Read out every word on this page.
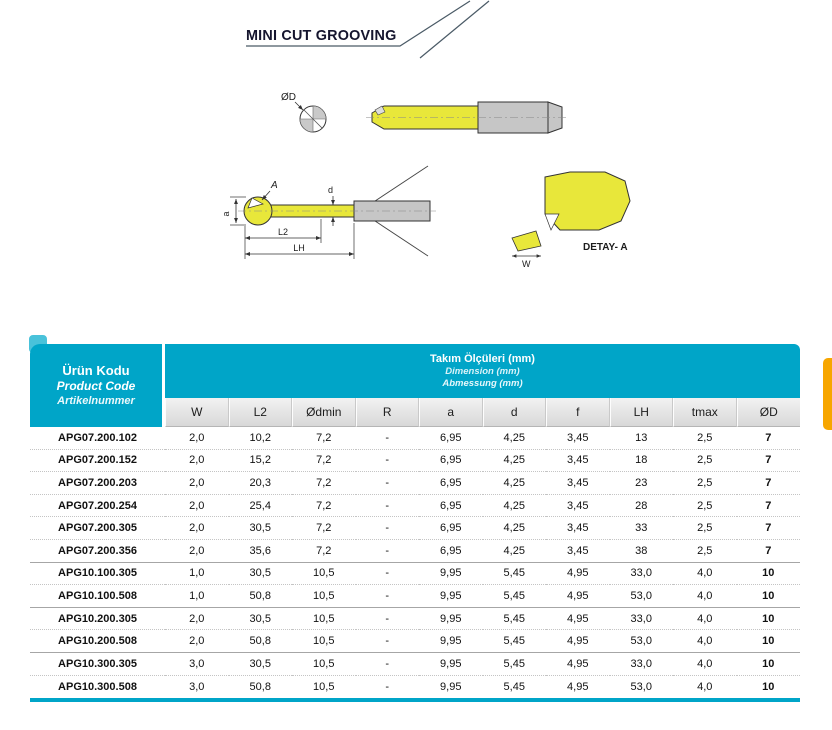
MINI CUT GROOVING
ØD
A	d
a
L2
LH
W
DETAY- A
Ürün Kodu
Product Code
Artikelnummer

Takım Ölçüleri (mm)
Dimension (mm)
Abmessung (mm)

	W	L2	Ødmin	R	a	d	f	LH	tmax	ØD
APG07.200.102	2,0	10,2	7,2	-	6,95	4,25	3,45	13	2,5	7
APG07.200.152	2,0	15,2	7,2	-	6,95	4,25	3,45	18	2,5	7
APG07.200.203	2,0	20,3	7,2	-	6,95	4,25	3,45	23	2,5	7
APG07.200.254	2,0	25,4	7,2	-	6,95	4,25	3,45	28	2,5	7
APG07.200.305	2,0	30,5	7,2	-	6,95	4,25	3,45	33	2,5	7
APG07.200.356	2,0	35,6	7,2	-	6,95	4,25	3,45	38	2,5	7
APG10.100.305	1,0	30,5	10,5	-	9,95	5,45	4,95	33,0	4,0	10
APG10.100.508	1,0	50,8	10,5	-	9,95	5,45	4,95	53,0	4,0	10
APG10.200.305	2,0	30,5	10,5	-	9,95	5,45	4,95	33,0	4,0	10
APG10.200.508	2,0	50,8	10,5	-	9,95	5,45	4,95	53,0	4,0	10
APG10.300.305	3,0	30,5	10,5	-	9,95	5,45	4,95	33,0	4,0	10
APG10.300.508	3,0	50,8	10,5	-	9,95	5,45	4,95	53,0	4,0	10
